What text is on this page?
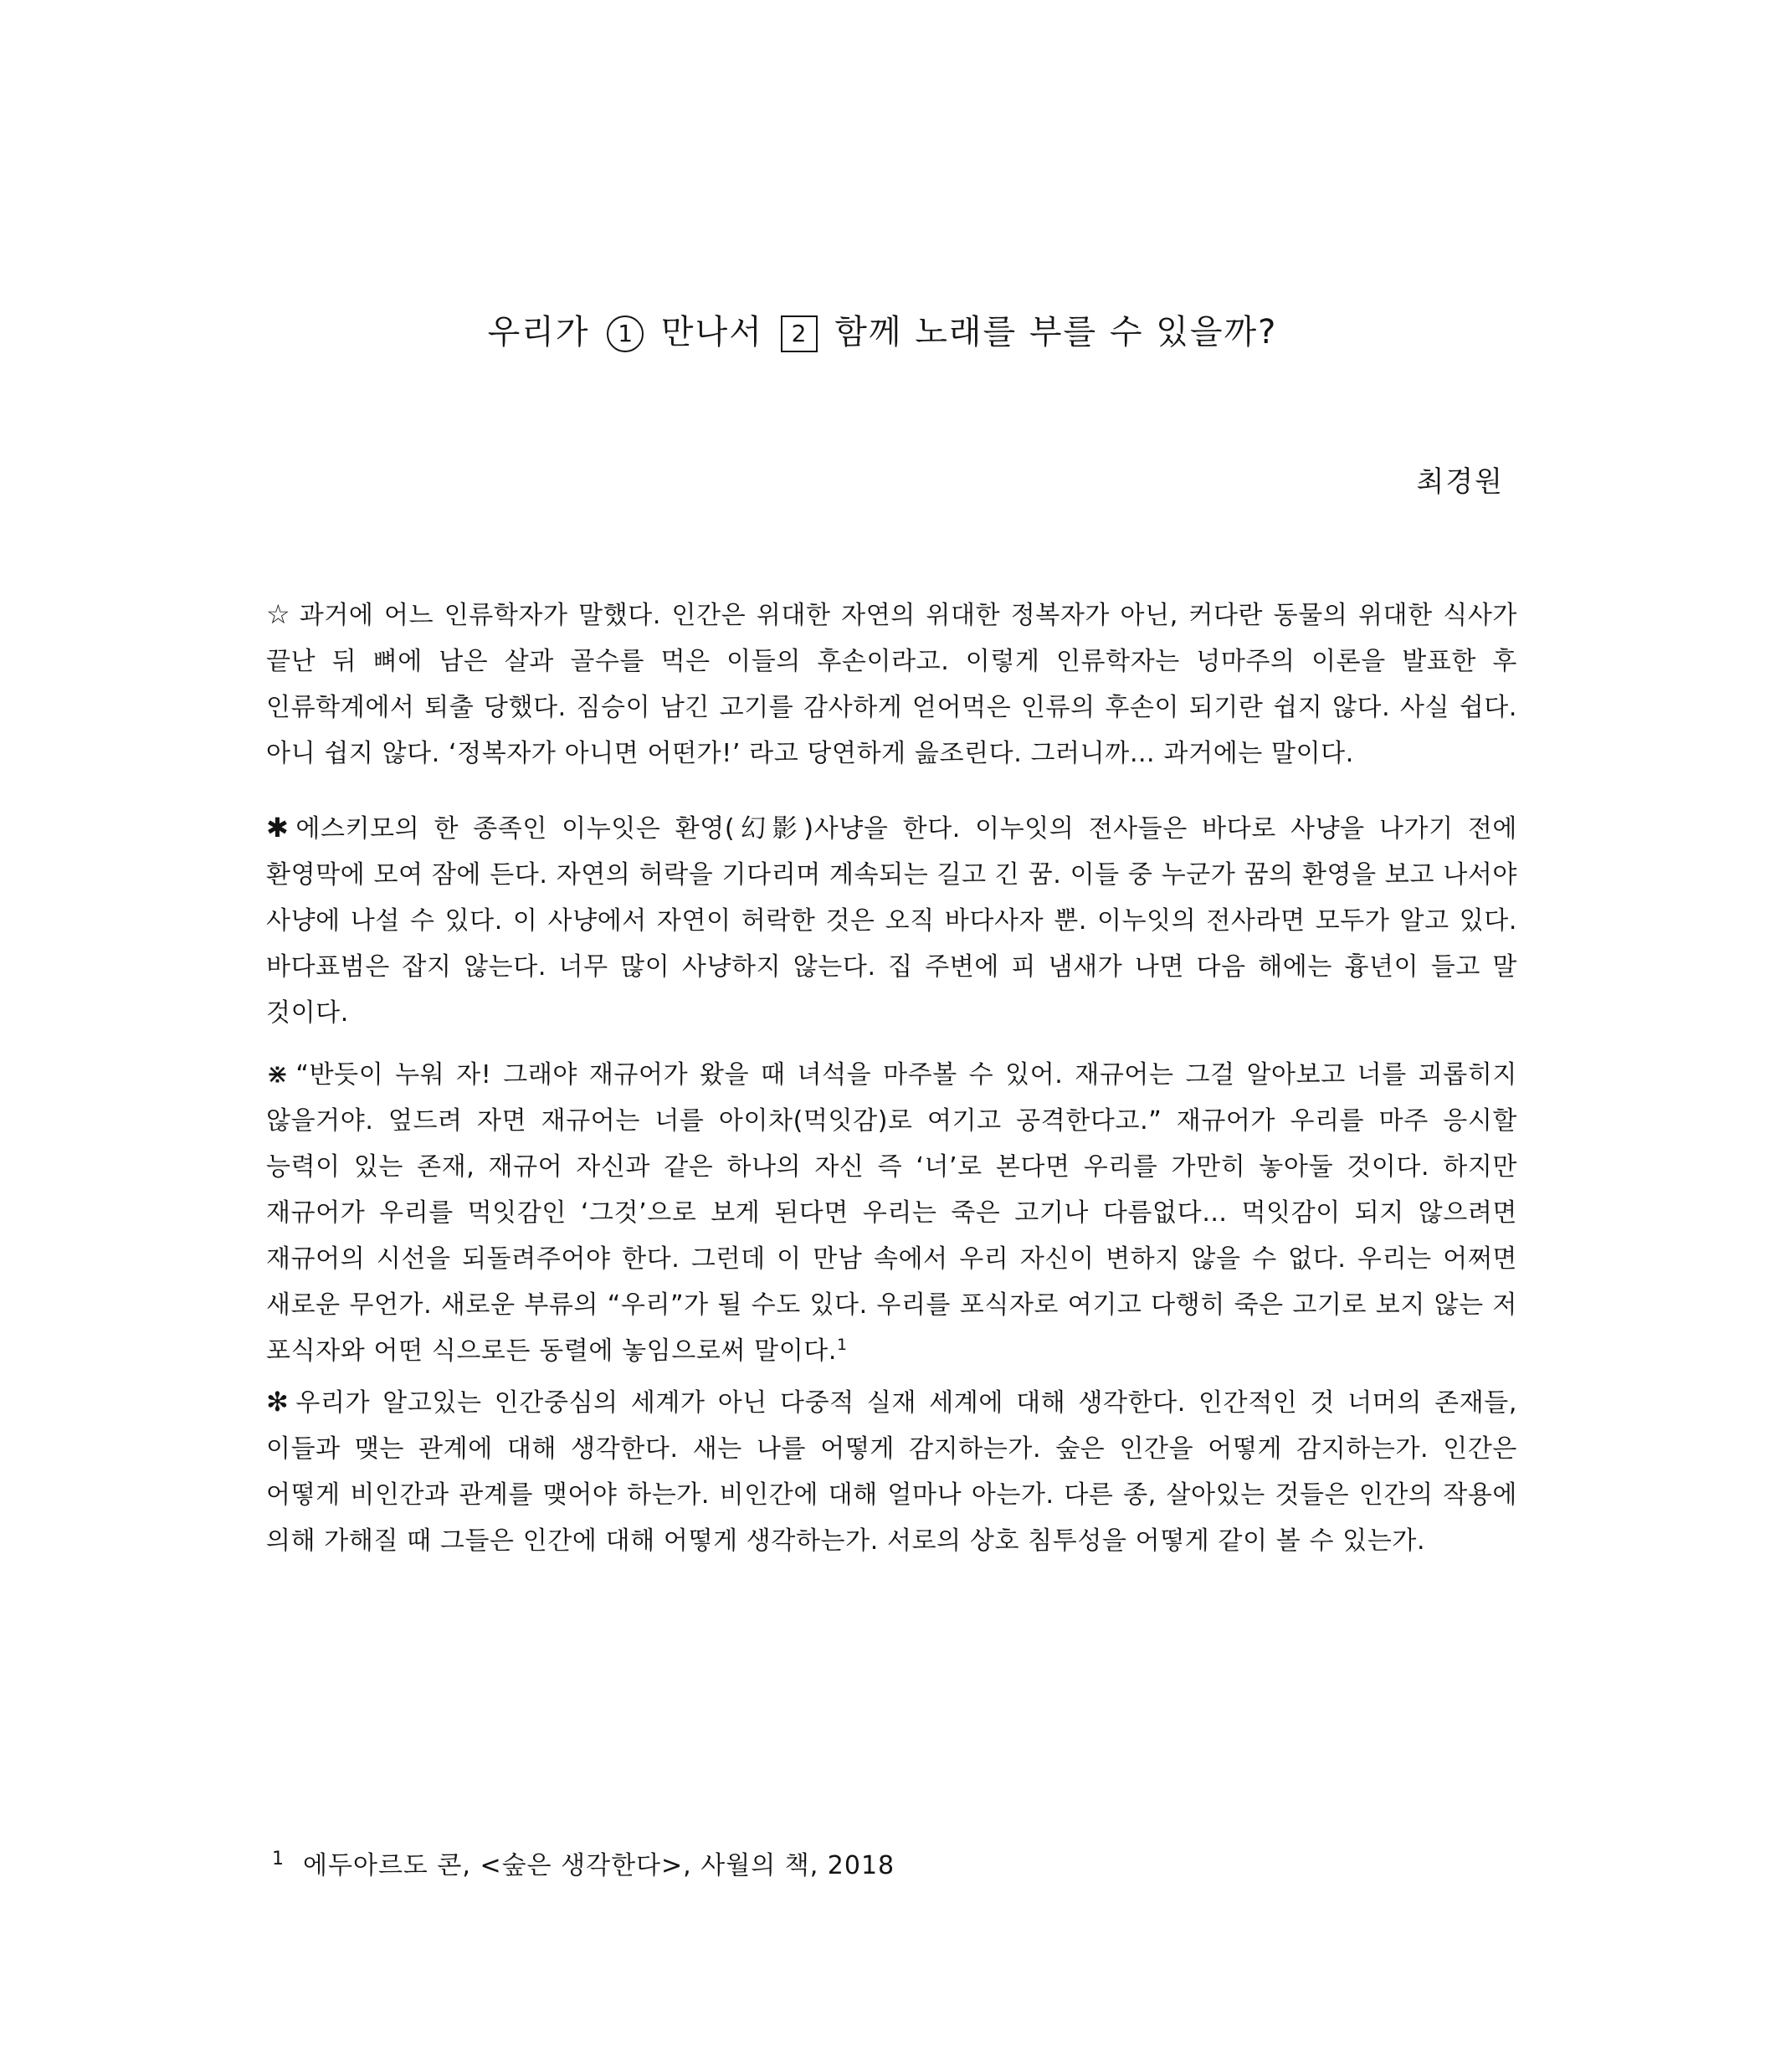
우리가 1 만나서 2 함께 노래를 부를 수 있을까?
최경원
☆ 과거에 어느 인류학자가 말했다. 인간은 위대한 자연의 위대한 정복자가 아닌, 커다란 동물의 위대한 식사가 끝난 뒤 뼈에 남은 살과 골수를 먹은 이들의 후손이라고. 이렇게 인류학자는 넝마주의 이론을 발표한 후 인류학계에서 퇴출 당했다. 짐승이 남긴 고기를 감사하게 얻어먹은 인류의 후손이 되기란 쉽지 않다. 사실 쉽다. 아니 쉽지 않다. ‘정복자가 아니면 어떤가!’ 라고 당연하게 읊조린다. 그러니까… 과거에는 말이다.
✱ 에스키모의 한 종족인 이누잇은 환영(幻影)사냥을 한다. 이누잇의 전사들은 바다로 사냥을 나가기 전에 환영막에 모여 잠에 든다. 자연의 허락을 기다리며 계속되는 길고 긴 꿈. 이들 중 누군가 꿈의 환영을 보고 나서야 사냥에 나설 수 있다. 이 사냥에서 자연이 허락한 것은 오직 바다사자 뿐. 이누잇의 전사라면 모두가 알고 있다. 바다표범은 잡지 않는다. 너무 많이 사냥하지 않는다. 집 주변에 피 냄새가 나면 다음 해에는 흉년이 들고 말 것이다.
⋇ “반듯이 누워 자! 그래야 재규어가 왔을 때 녀석을 마주볼 수 있어. 재규어는 그걸 알아보고 너를 괴롭히지 않을거야. 엎드려 자면 재규어는 너를 아이차(먹잇감)로 여기고 공격한다고.” 재규어가 우리를 마주 응시할 능력이 있는 존재, 재규어 자신과 같은 하나의 자신 즉 ‘너’로 본다면 우리를 가만히 놓아둘 것이다. 하지만 재규어가 우리를 먹잇감인 ‘그것’으로 보게 된다면 우리는 죽은 고기나 다름없다… 먹잇감이 되지 않으려면 재규어의 시선을 되돌려주어야 한다. 그런데 이 만남 속에서 우리 자신이 변하지 않을 수 없다. 우리는 어쩌면 새로운 무언가. 새로운 부류의 “우리”가 될 수도 있다. 우리를 포식자로 여기고 다행히 죽은 고기로 보지 않는 저 포식자와 어떤 식으로든 동렬에 놓임으로써 말이다.$^1$
✻ 우리가 알고있는 인간중심의 세계가 아닌 다중적 실재 세계에 대해 생각한다. 인간적인 것 너머의 존재들, 이들과 맺는 관계에 대해 생각한다. 새는 나를 어떻게 감지하는가. 숲은 인간을 어떻게 감지하는가. 인간은 어떻게 비인간과 관계를 맺어야 하는가. 비인간에 대해 얼마나 아는가. 다른 종, 살아있는 것들은 인간의 작용에 의해 가해질 때 그들은 인간에 대해 어떻게 생각하는가. 서로의 상호 침투성을 어떻게 같이 볼 수 있는가.
$^1$ 에두아르도 콘, <숲은 생각한다>, 사월의 책, 2018
